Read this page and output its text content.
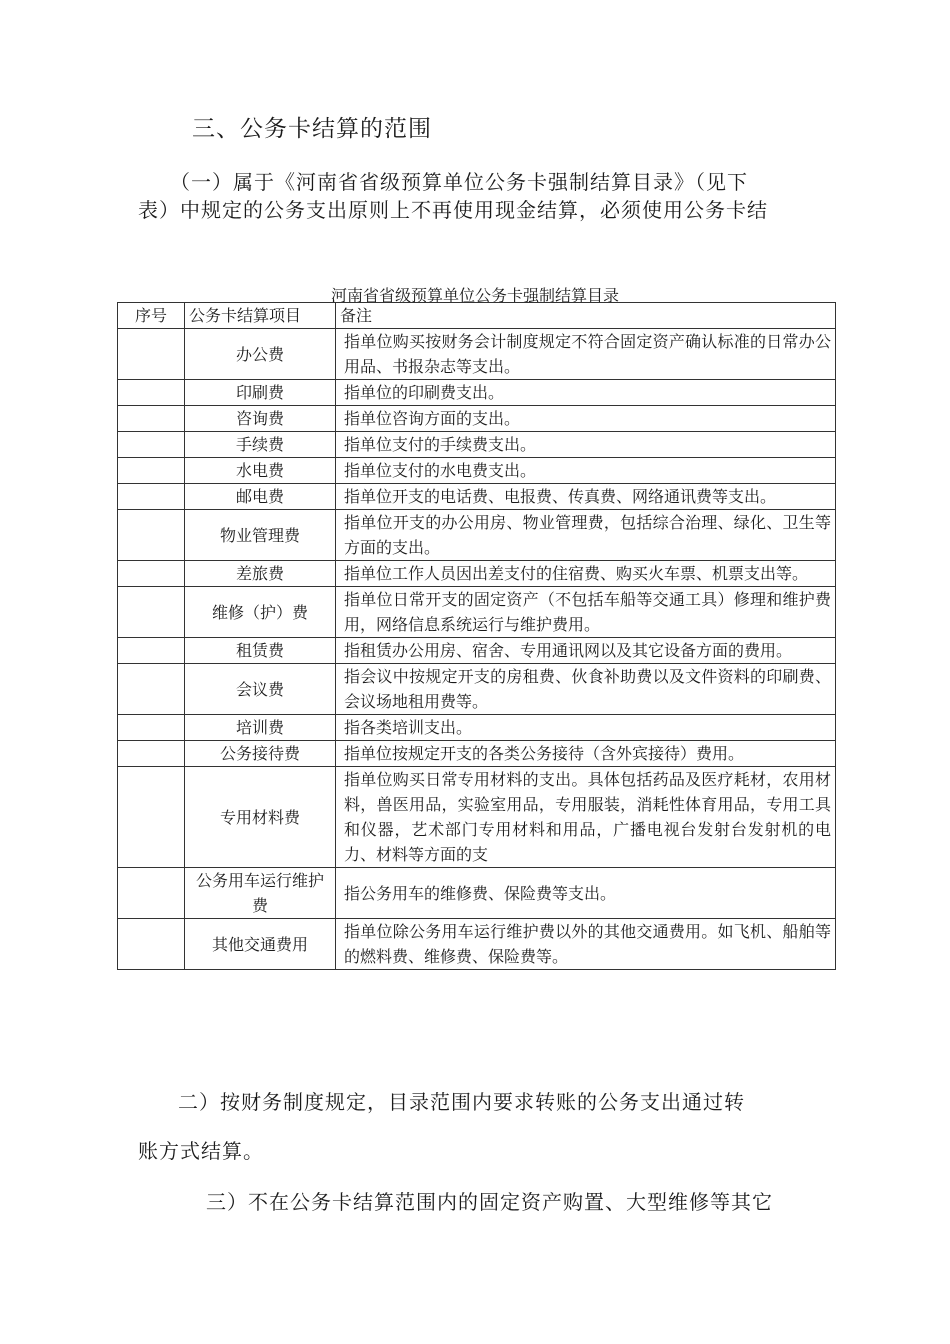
三、公务卡结算的范围
（一）属于《河南省省级预算单位公务卡强制结算目录》（见下
表）中规定的公务支出原则上不再使用现金结算，必须使用公务卡结
河南省省级预算单位公务卡强制结算目录
序号	公务卡结算项目	备注
	办公费	指单位购买按财务会计制度规定不符合固定资产确认标准的日常办公用品、书报杂志等支出。
	印刷费	指单位的印刷费支出。
	咨询费	指单位咨询方面的支出。
	手续费	指单位支付的手续费支出。
	水电费	指单位支付的水电费支出。
	邮电费	指单位开支的电话费、电报费、传真费、网络通讯费等支出。
	物业管理费	指单位开支的办公用房、物业管理费，包括综合治理、绿化、卫生等方面的支出。
	差旅费	指单位工作人员因出差支付的住宿费、购买火车票、机票支出等。
	维修（护）费	指单位日常开支的固定资产（不包括车船等交通工具）修理和维护费用，网络信息系统运行与维护费用。
	租赁费	指租赁办公用房、宿舍、专用通讯网以及其它设备方面的费用。
	会议费	指会议中按规定开支的房租费、伙食补助费以及文件资料的印刷费、会议场地租用费等。
	培训费	指各类培训支出。
	公务接待费	指单位按规定开支的各类公务接待（含外宾接待）费用。
	专用材料费	指单位购买日常专用材料的支出。具体包括药品及医疗耗材，农用材料，兽医用品，实验室用品，专用服装，消耗性体育用品，专用工具和仪器，艺术部门专用材料和用品，广播电视台发射台发射机的电力、材料等方面的支
	公务用车运行维护费	指公务用车的维修费、保险费等支出。
	其他交通费用	指单位除公务用车运行维护费以外的其他交通费用。如飞机、船舶等的燃料费、维修费、保险费等。
二）按财务制度规定，目录范围内要求转账的公务支出通过转
账方式结算。
三）不在公务卡结算范围内的固定资产购置、大型维修等其它
